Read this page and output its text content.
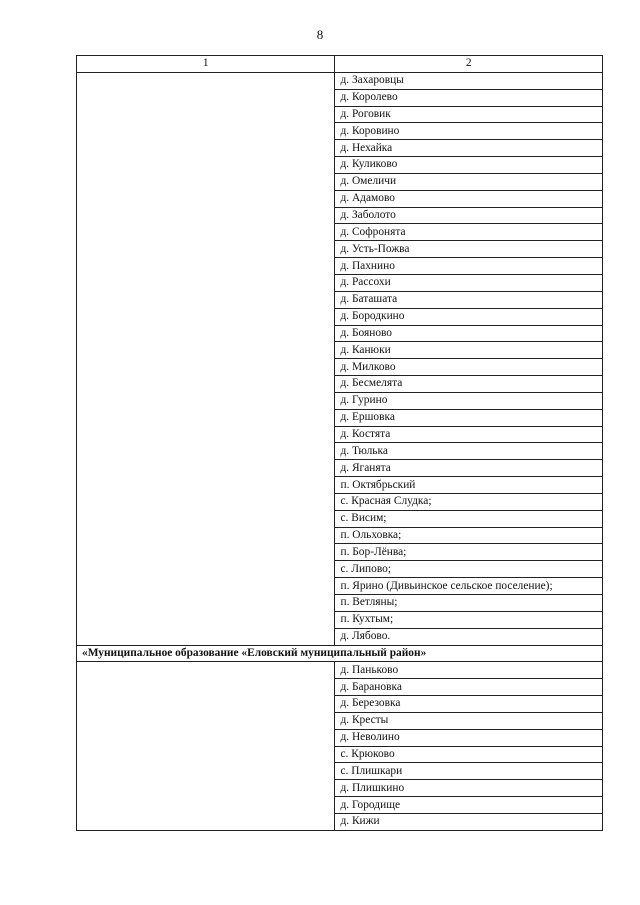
8
1	2
	д. Захаровцы
	д. Королево
	д. Роговик
	д. Коровино
	д. Нехайка
	д. Куликово
	д. Омеличи
	д. Адамово
	д. Заболото
	д. Софронята
	д. Усть-Пожва
	д. Пахнино
	д. Рассохи
	д. Баташата
	д. Бородкино
	д. Бояново
	д. Канюки
	д. Милково
	д. Бесмелята
	д. Гурино
	д. Ершовка
	д. Костята
	д. Тюлька
	д. Яганята
	п. Октябрьский
	с. Красная Слудка;
	с. Висим;
	п. Ольховка;
	п. Бор-Лёнва;
	с. Липово;
	п. Ярино (Дивьинское сельское поселение);
	п. Ветляны;
	п. Кухтым;
	д. Лябово.
«Муниципальное образование «Еловский муниципальный район»	
	д. Паньково
	д. Барановка
	д. Березовка
	д. Кресты
	д. Неволино
	с. Крюково
	с. Плишкари
	д. Плишкино
	д. Городище
	д. Кижи
